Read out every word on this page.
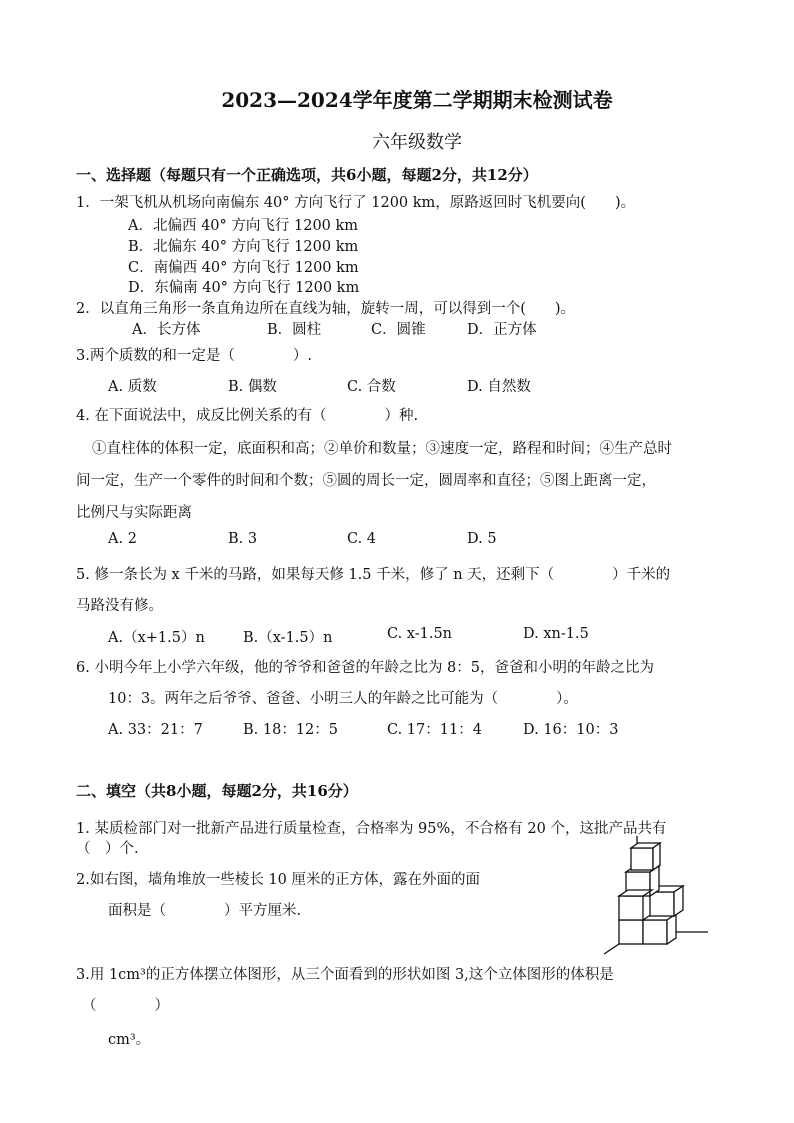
2023—2024学年度第二学期期末检测试卷
六年级数学
一、选择题（每题只有一个正确选项，共6小题，每题2分，共12分）
1．一架飞机从机场向南偏东 40° 方向飞行了 1200 km，原路返回时飞机要向(　　)。
A．北偏西 40° 方向飞行 1200 km
B．北偏东 40° 方向飞行 1200 km
C．南偏西 40° 方向飞行 1200 km
D．东偏南 40° 方向飞行 1200 km
2．以直角三角形一条直角边所在直线为轴，旋转一周，可以得到一个(　　)。
A．长方体	B．圆柱	C．圆锥	D．正方体
3.两个质数的和一定是（　　　　）.
A. 质数	B. 偶数	C. 合数	D. 自然数
4. 在下面说法中，成反比例关系的有（　　　　）种.
①直柱体的体积一定，底面积和高；②单价和数量；③速度一定，路程和时间；④生产总时
间一定，生产一个零件的时间和个数；⑤圆的周长一定，圆周率和直径；⑤图上距离一定，
比例尺与实际距离
A. 2	B. 3	C. 4	D. 5
5. 修一条长为 x 千米的马路，如果每天修 1.5 千米，修了 n 天，还剩下（　　　　）千米的
马路没有修。
A.（x+1.5）n	B.（x-1.5）n	C. x-1.5n	D. xn-1.5
6. 小明今年上小学六年级，他的爷爷和爸爸的年龄之比为 8：5，爸爸和小明的年龄之比为
10：3。两年之后爷爷、爸爸、小明三人的年龄之比可能为（　　　　）。
A. 33：21：7	B. 18：12：5	C. 17：11：4	D. 16：10：3
二、填空（共8小题，每题2分，共16分）
1. 某质检部门对一批新产品进行质量检查，合格率为 95%，不合格有 20 个，这批产品共有
（　）个.
2.如右图，墙角堆放一些棱长 10 厘米的正方体，露在外面的面
面积是（　　　　）平方厘米.
3.用 1cm³的正方体摆立体图形，从三个面看到的形状如图 3,这个立体图形的体积是
（　　　　）
cm³。
